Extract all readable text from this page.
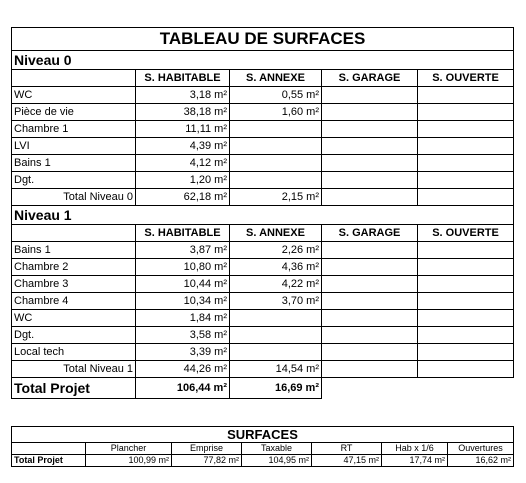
TABLEAU DE SURFACES				
Niveau 0				
	S. HABITABLE	S. ANNEXE	S. GARAGE	S. OUVERTE
WC	3,18 m²	0,55 m²		
Pièce de vie	38,18 m²	1,60 m²		
Chambre 1	11,11 m²			
LVI	4,39 m²			
Bains 1	4,12 m²			
Dgt.	1,20 m²			
Total Niveau 0	62,18 m²	2,15 m²		
Niveau 1				
	S. HABITABLE	S. ANNEXE	S. GARAGE	S. OUVERTE
Bains 1	3,87 m²	2,26 m²		
Chambre 2	10,80 m²	4,36 m²		
Chambre 3	10,44 m²	4,22 m²		
Chambre 4	10,34 m²	3,70 m²		
WC	1,84 m²			
Dgt.	3,58 m²			
Local tech	3,39 m²			
Total Niveau 1	44,26 m²	14,54 m²		
Total Projet	106,44 m²	16,69 m²		
SURFACES						
	Plancher	Emprise	Taxable	RT	Hab x 1/6	Ouvertures
Total Projet	100,99 m²	77,82 m²	104,95 m²	47,15 m²	17,74 m²	16,62 m²
